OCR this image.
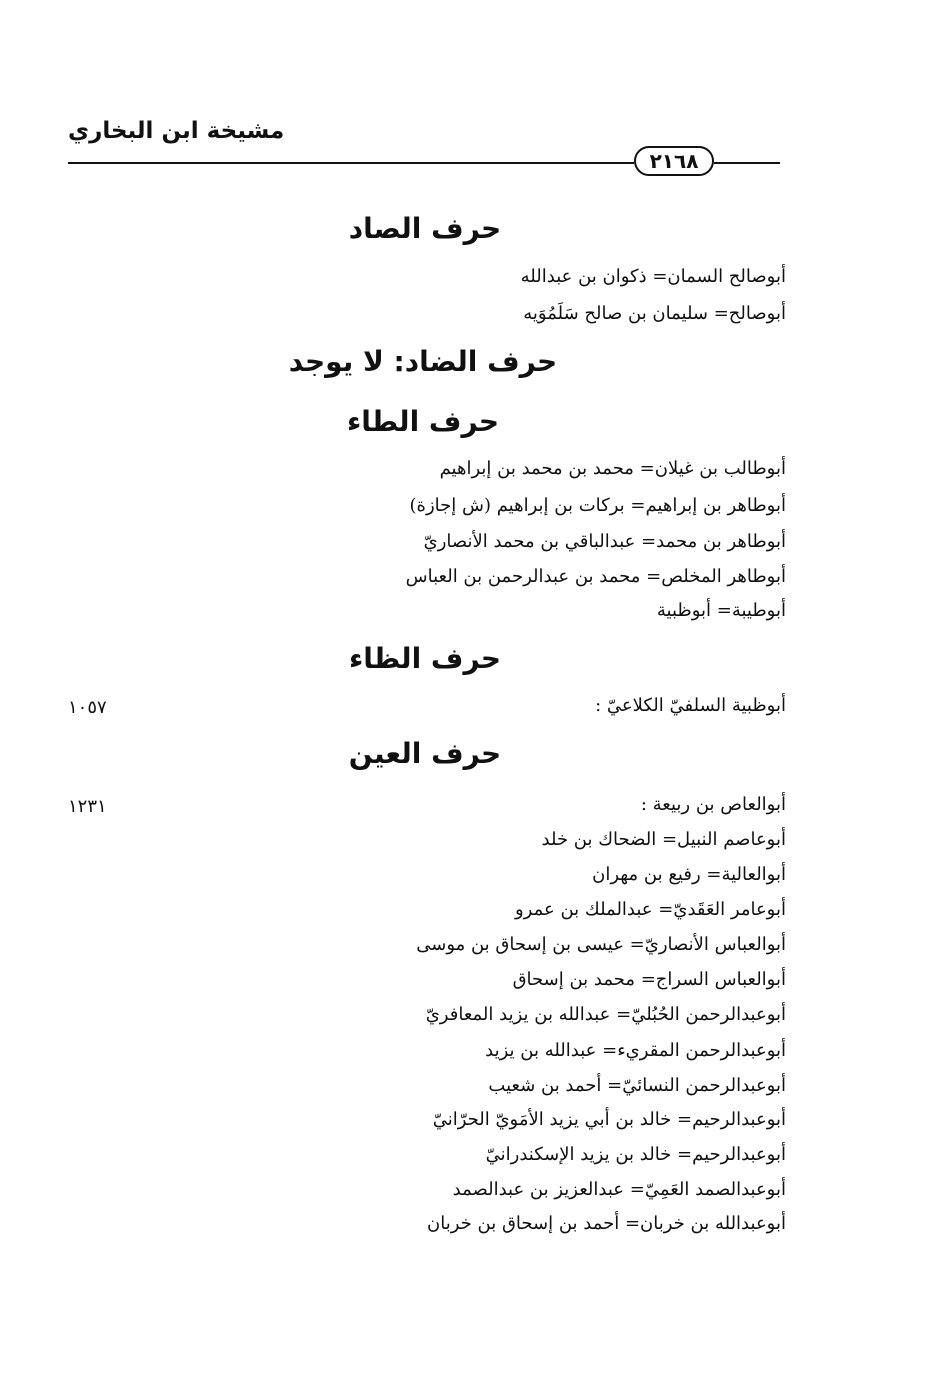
مشيخة ابن البخاري
٢١٦٨
حرف الصاد
أبوصالح السمان= ذكوان بن عبدالله
أبوصالح= سليمان بن صالح سَلَمُوَيه
حرف الضاد: لا يوجد
حرف الطاء
أبوطالب بن غيلان= محمد بن محمد بن إبراهيم
أبوطاهر بن إبراهيم= بركات بن إبراهيم (ش إجازة)
أبوطاهر بن محمد= عبدالباقي بن محمد الأنصاريّ
أبوطاهر المخلص= محمد بن عبدالرحمن بن العباس
أبوطيبة= أبوظبية
حرف الظاء
أبوظبية السلفيّ الكلاعيّ :
١٠٥٧
حرف العين
أبوالعاص بن ربيعة :
١٢٣١
أبوعاصم النبيل= الضحاك بن خلد
أبوالعالية= رفيع بن مهران
أبوعامر العَقَديّ= عبدالملك بن عمرو
أبوالعباس الأنصاريّ= عيسى بن إسحاق بن موسى
أبوالعباس السراج= محمد بن إسحاق
أبوعبدالرحمن الحُبُليّ= عبدالله بن يزيد المعافريّ
أبوعبدالرحمن المقريء= عبدالله بن يزيد
أبوعبدالرحمن النسائيّ= أحمد بن شعيب
أبوعبدالرحيم= خالد بن أبي يزيد الأمَويّ الحرّانيّ
أبوعبدالرحيم= خالد بن يزيد الإسكندرانيّ
أبوعبدالصمد العَمِيّ= عبدالعزيز بن عبدالصمد
أبوعبدالله بن خربان= أحمد بن إسحاق بن خربان
